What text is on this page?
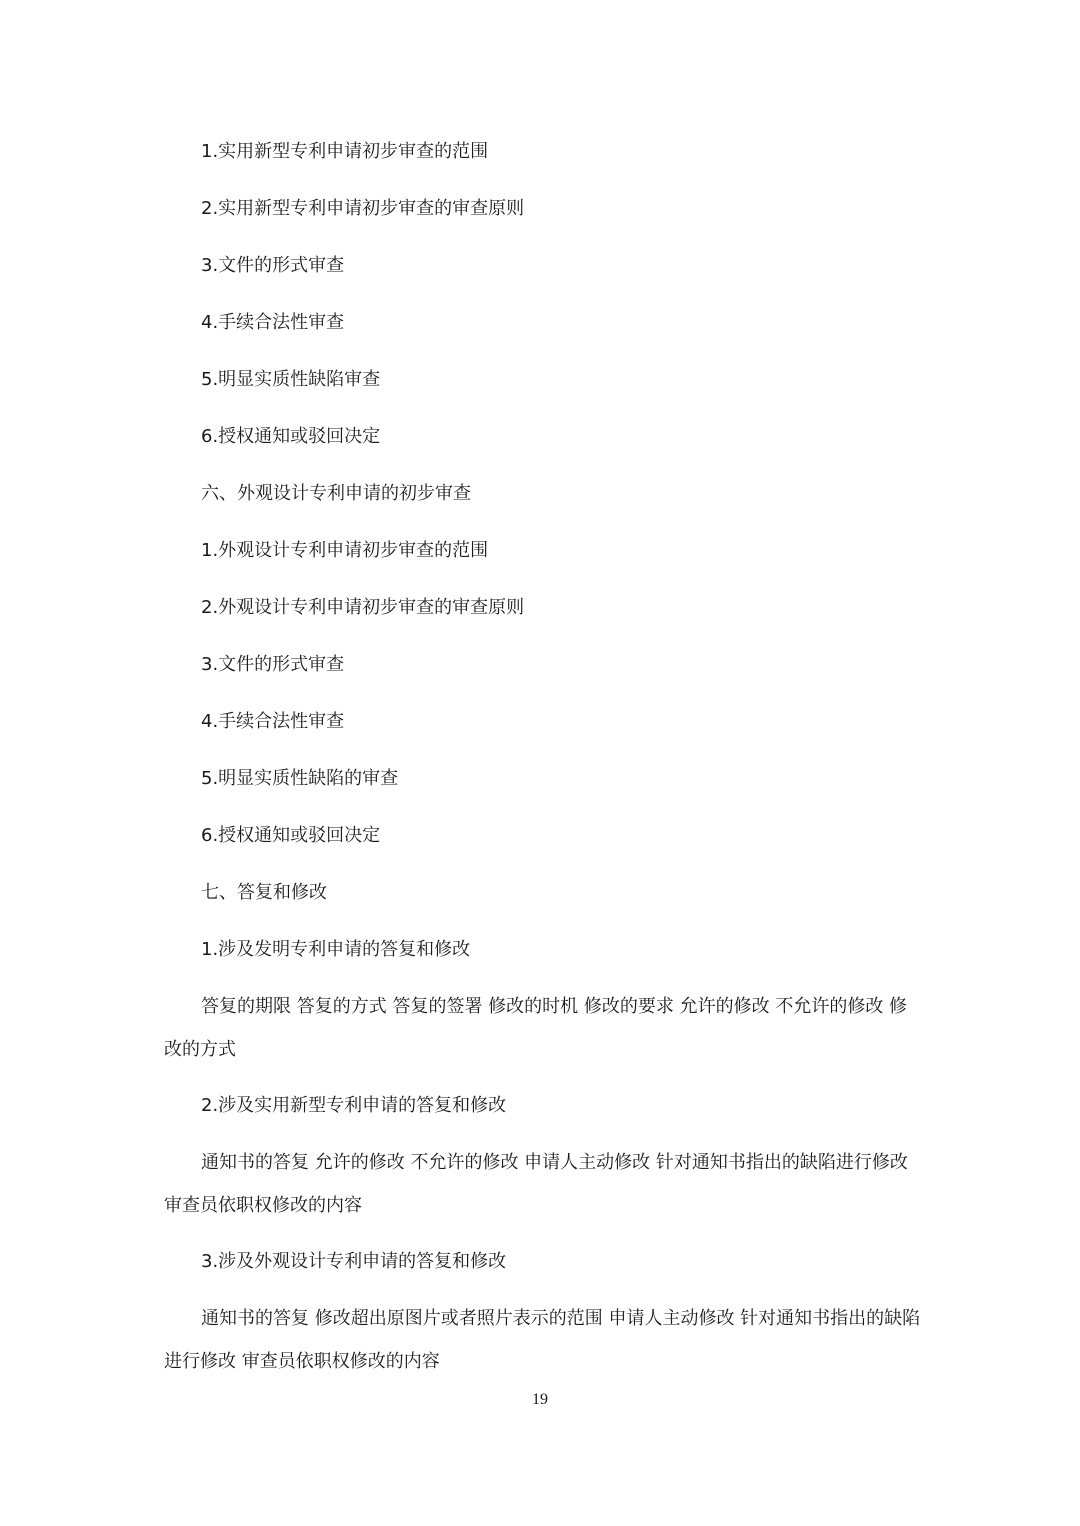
1.实用新型专利申请初步审查的范围

2.实用新型专利申请初步审查的审查原则

3.文件的形式审查

4.手续合法性审查

5.明显实质性缺陷审查

6.授权通知或驳回决定

六、外观设计专利申请的初步审查

1.外观设计专利申请初步审查的范围

2.外观设计专利申请初步审查的审查原则

3.文件的形式审查

4.手续合法性审查

5.明显实质性缺陷的审查

6.授权通知或驳回决定

七、答复和修改

1.涉及发明专利申请的答复和修改

答复的期限 答复的方式 答复的签署 修改的时机 修改的要求 允许的修改 不允许的修改 修改的方式

2.涉及实用新型专利申请的答复和修改

通知书的答复 允许的修改 不允许的修改 申请人主动修改 针对通知书指出的缺陷进行修改 审查员依职权修改的内容

3.涉及外观设计专利申请的答复和修改

通知书的答复 修改超出原图片或者照片表示的范围 申请人主动修改 针对通知书指出的缺陷进行修改 审查员依职权修改的内容

19
